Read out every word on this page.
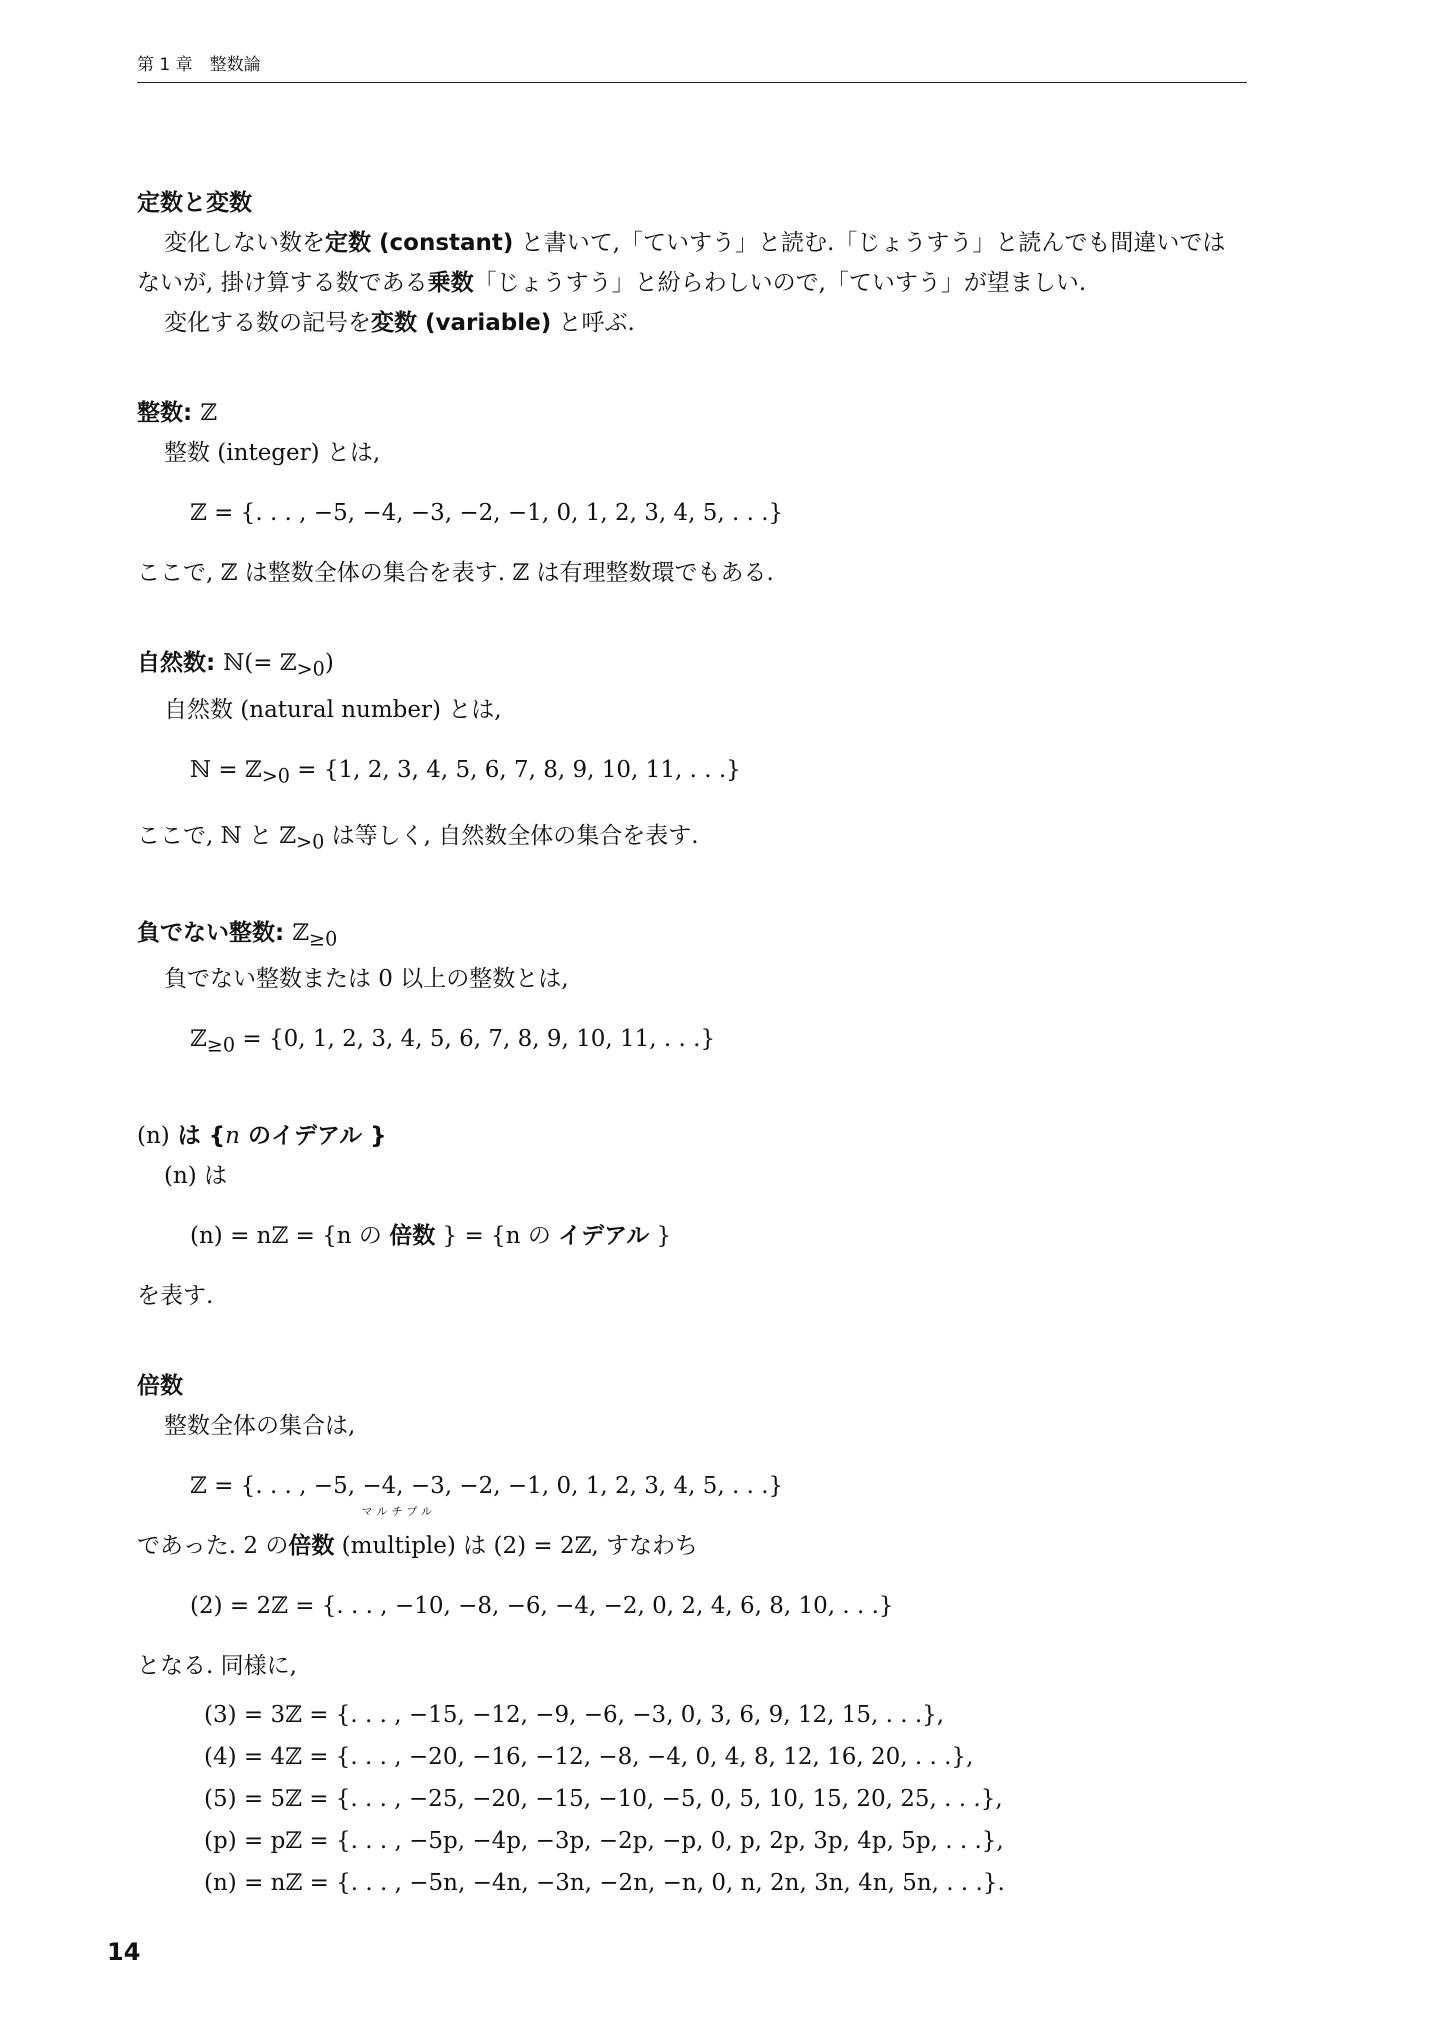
第 1 章　整数論
定数と変数

変化しない数を定数 (constant) と書いて,「ていすう」と読む.「じょうすう」と読んでも間違いではないが, 掛け算する数である乗数「じょうすう」と紛らわしいので,「ていすう」が望ましい.

変化する数の記号を変数 (variable) と呼ぶ.

整数: ℤ

整数 (integer) とは,

ℤ = {. . . , −5, −4, −3, −2, −1, 0, 1, 2, 3, 4, 5, . . .}

ここで, ℤ は整数全体の集合を表す. ℤ は有理整数環でもある.

自然数: ℕ(= ℤ$_{>0}$)

自然数 (natural number) とは,

ℕ = ℤ$_{>0}$ = {1, 2, 3, 4, 5, 6, 7, 8, 9, 10, 11, . . .}

ここで, ℕ と ℤ$_{>0}$ は等しく, 自然数全体の集合を表す.

負でない整数: ℤ$_{\ge 0}$

負でない整数または 0 以上の整数とは,

ℤ$_{\ge 0}$ = {0, 1, 2, 3, 4, 5, 6, 7, 8, 9, 10, 11, . . .}

(n) は {n のイデアル }

(n) は

(n) = nℤ = {n の 倍数 } = {n の イデアル }

を表す.

倍数

整数全体の集合は,

ℤ = {. . . , −5, −4, −3, −2, −1, 0, 1, 2, 3, 4, 5, . . .}

であった. 2 の倍数
マルチプル
(multiple) は (2) = 2ℤ, すなわち

(2) = 2ℤ = {. . . , −10, −8, −6, −4, −2, 0, 2, 4, 6, 8, 10, . . .}

となる. 同様に,

(3) = 3ℤ = {. . . , −15, −12, −9, −6, −3, 0, 3, 6, 9, 12, 15, . . .},
(4) = 4ℤ = {. . . , −20, −16, −12, −8, −4, 0, 4, 8, 12, 16, 20, . . .},
(5) = 5ℤ = {. . . , −25, −20, −15, −10, −5, 0, 5, 10, 15, 20, 25, . . .},
(p) = pℤ = {. . . , −5p, −4p, −3p, −2p, −p, 0, p, 2p, 3p, 4p, 5p, . . .},
(n) = nℤ = {. . . , −5n, −4n, −3n, −2n, −n, 0, n, 2n, 3n, 4n, 5n, . . .}.
14
